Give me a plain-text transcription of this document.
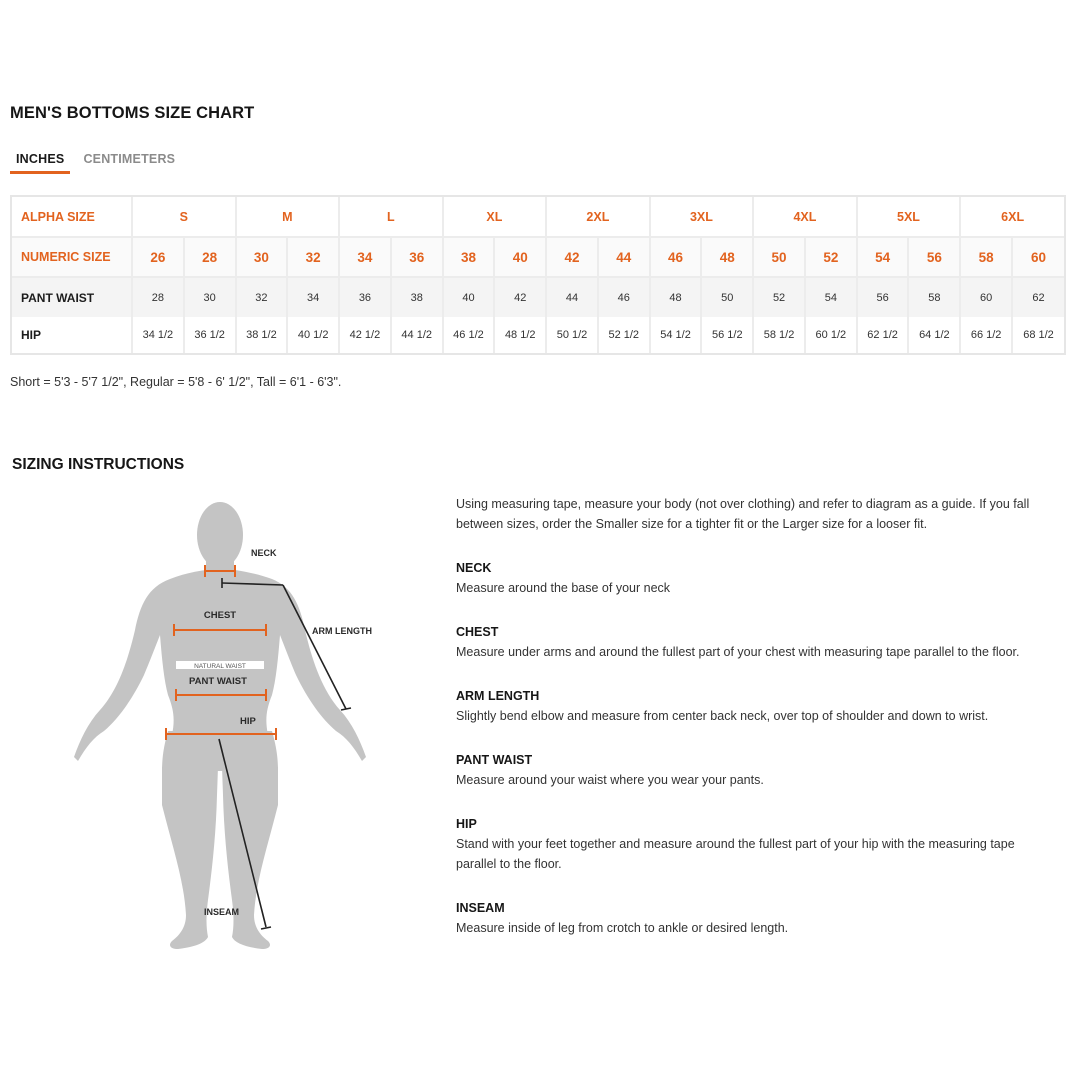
MEN'S BOTTOMS SIZE CHART
INCHES	CENTIMETERS
ALPHA SIZE	S		M		L		XL		2XL		3XL		4XL		5XL		6XL	
NUMERIC SIZE	26	28	30	32	34	36	38	40	42	44	46	48	50	52	54	56	58	60
PANT WAIST	28	30	32	34	36	38	40	42	44	46	48	50	52	54	56	58	60	62
HIP	34 1/2	36 1/2	38 1/2	40 1/2	42 1/2	44 1/2	46 1/2	48 1/2	50 1/2	52 1/2	54 1/2	56 1/2	58 1/2	60 1/2	62 1/2	64 1/2	66 1/2	68 1/2
Short = 5'3 - 5'7 1/2", Regular = 5'8 - 6' 1/2", Tall = 6'1 - 6'3".
SIZING INSTRUCTIONS
NECK
CHEST
ARM LENGTH
NATURAL WAIST
PANT WAIST
HIP
INSEAM

Using measuring tape, measure your body (not over clothing) and refer to diagram as a guide. If you fall between sizes, order the Smaller size for a tighter fit or the Larger size for a looser fit.

NECK
Measure around the base of your neck
CHEST
Measure under arms and around the fullest part of your chest with measuring tape parallel to the floor.
ARM LENGTH
Slightly bend elbow and measure from center back neck, over top of shoulder and down to wrist.
PANT WAIST
Measure around your waist where you wear your pants.
HIP
Stand with your feet together and measure around the fullest part of your hip with the measuring tape parallel to the floor.
INSEAM
Measure inside of leg from crotch to ankle or desired length.
